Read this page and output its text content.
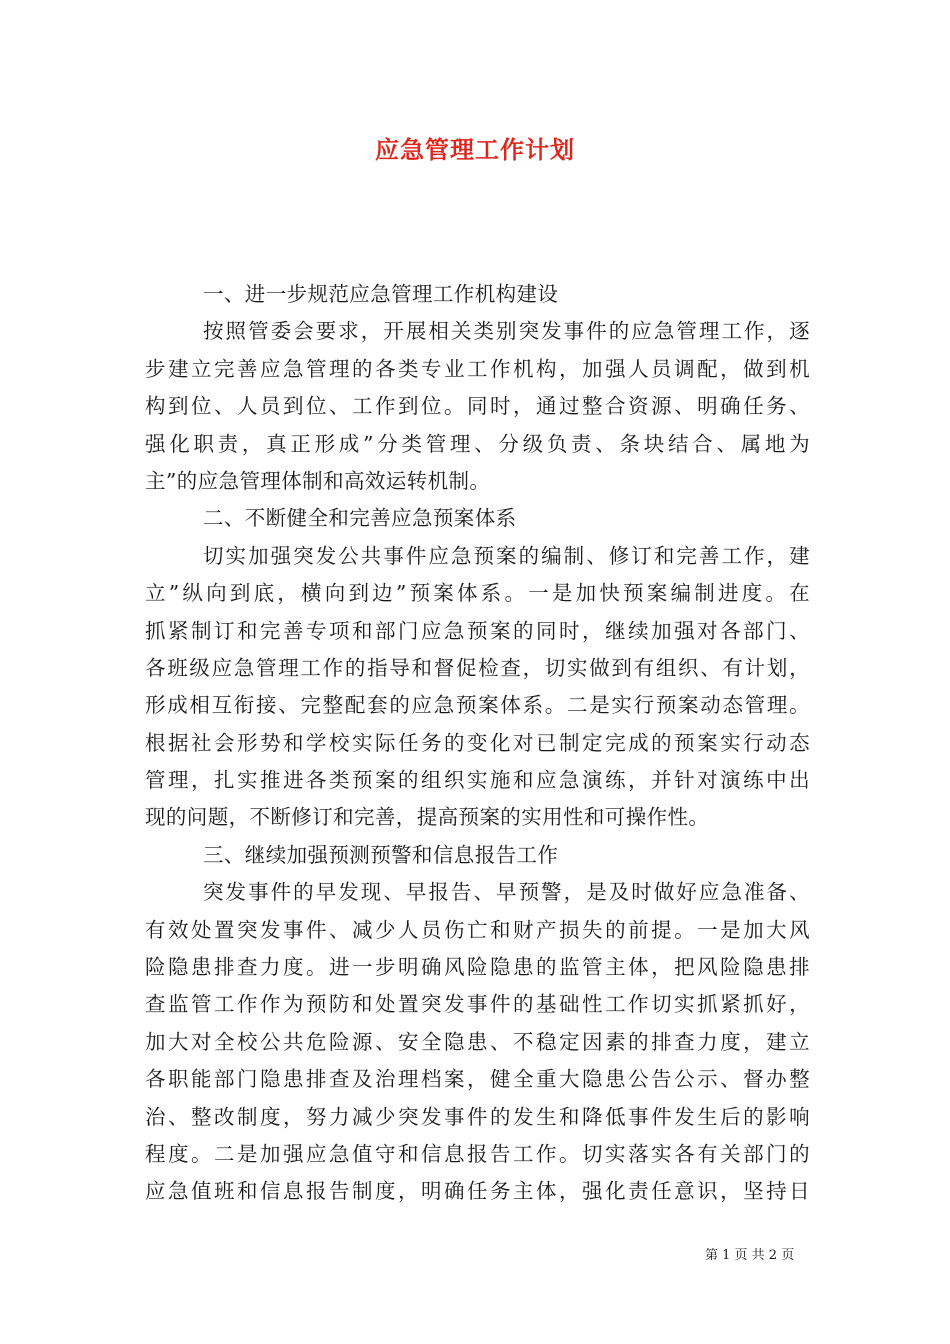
应急管理工作计划
一、进一步规范应急管理工作机构建设
按照管委会要求，开展相关类别突发事件的应急管理工作，逐
步建立完善应急管理的各类专业工作机构，加强人员调配，做到机
构到位、人员到位、工作到位。同时，通过整合资源、明确任务、
强化职责，真正形成”分类管理、分级负责、条块结合、属地为
主”的应急管理体制和高效运转机制。
二、不断健全和完善应急预案体系
切实加强突发公共事件应急预案的编制、修订和完善工作，建
立”纵向到底，横向到边”预案体系。一是加快预案编制进度。在
抓紧制订和完善专项和部门应急预案的同时，继续加强对各部门、
各班级应急管理工作的指导和督促检查，切实做到有组织、有计划，
形成相互衔接、完整配套的应急预案体系。二是实行预案动态管理。
根据社会形势和学校实际任务的变化对已制定完成的预案实行动态
管理，扎实推进各类预案的组织实施和应急演练，并针对演练中出
现的问题，不断修订和完善，提高预案的实用性和可操作性。
三、继续加强预测预警和信息报告工作
突发事件的早发现、早报告、早预警，是及时做好应急准备、
有效处置突发事件、减少人员伤亡和财产损失的前提。一是加大风
险隐患排查力度。进一步明确风险隐患的监管主体，把风险隐患排
查监管工作作为预防和处置突发事件的基础性工作切实抓紧抓好，
加大对全校公共危险源、安全隐患、不稳定因素的排查力度，建立
各职能部门隐患排查及治理档案，健全重大隐患公告公示、督办整
治、整改制度，努力减少突发事件的发生和降低事件发生后的影响
程度。二是加强应急值守和信息报告工作。切实落实各有关部门的
应急值班和信息报告制度，明确任务主体，强化责任意识，坚持日
第 1 页 共 2 页
